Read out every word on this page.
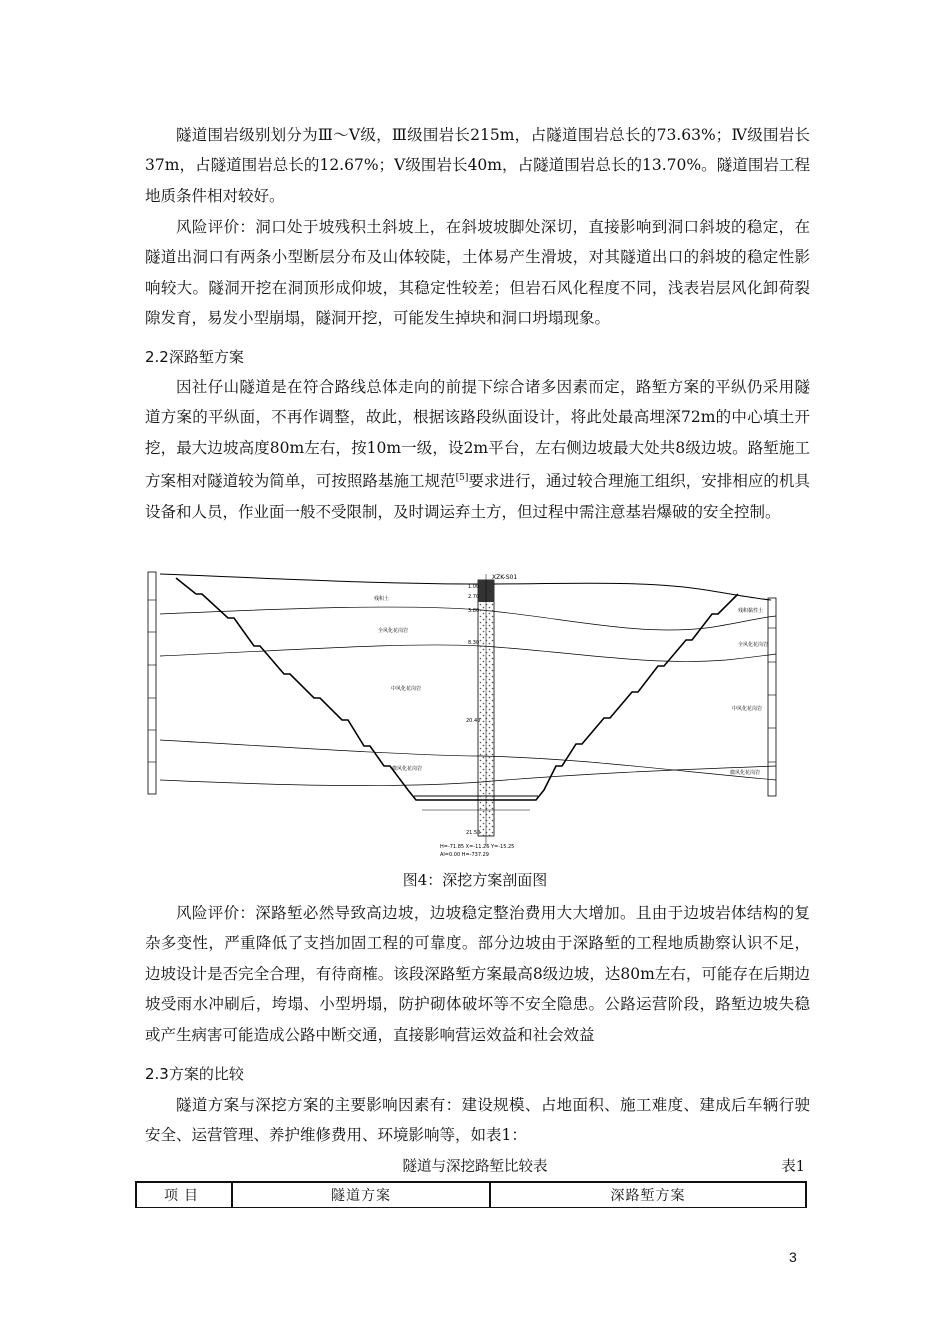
隧道围岩级别划分为Ⅲ～Ⅴ级，Ⅲ级围岩长215m，占隧道围岩总长的73.63%；Ⅳ级围岩长37m，占隧道围岩总长的12.67%；Ⅴ级围岩长40m，占隧道围岩总长的13.70%。隧道围岩工程地质条件相对较好。

风险评价：洞口处于坡残积土斜坡上，在斜坡坡脚处深切，直接影响到洞口斜坡的稳定，在隧道出洞口有两条小型断层分布及山体较陡，土体易产生滑坡，对其隧道出口的斜坡的稳定性影响较大。隧洞开挖在洞顶形成仰坡，其稳定性较差；但岩石风化程度不同，浅表岩层风化卸荷裂隙发育，易发小型崩塌，隧洞开挖，可能发生掉块和洞口坍塌现象。

2.2深路堑方案

因社仔山隧道是在符合路线总体走向的前提下综合诸多因素而定，路堑方案的平纵仍采用隧道方案的平纵面，不再作调整，故此，根据该路段纵面设计，将此处最高埋深72m的中心填土开挖，最大边坡高度80m左右，按10m一级，设2m平台，左右侧边坡最大处共8级边坡。路堑施工方案相对隧道较为简单，可按照路基施工规范[5]要求进行，通过较合理施工组织，安排相应的机具设备和人员，作业面一般不受限制，及时调运弃土方，但过程中需注意基岩爆破的安全控制。

XZK-S01
1.00
2.70
3.80
8.30
20.40
21.50
残积土
全风化花岗岩
中风化花岗岩
微风化花岗岩
残积黏性土
全风化花岗岩
中风化花岗岩
微风化花岗岩
H=-71.85 X=-11.26 Y=-15.25
Al=0.00 H=-737.29
图4：深挖方案剖面图

风险评价：深路堑必然导致高边坡，边坡稳定整治费用大大增加。且由于边坡岩体结构的复杂多变性，严重降低了支挡加固工程的可靠度。部分边坡由于深路堑的工程地质勘察认识不足，边坡设计是否完全合理，有待商榷。该段深路堑方案最高8级边坡，达80m左右，可能存在后期边坡受雨水冲刷后，垮塌、小型坍塌，防护砌体破坏等不安全隐患。公路运营阶段，路堑边坡失稳或产生病害可能造成公路中断交通，直接影响营运效益和社会效益

2.3方案的比较

隧道方案与深挖方案的主要影响因素有：建设规模、占地面积、施工难度、建成后车辆行驶安全、运营管理、养护维修费用、环境影响等，如表1：

隧道与深挖路堑比较表	表1
项目	隧道方案	深路堑方案
3
